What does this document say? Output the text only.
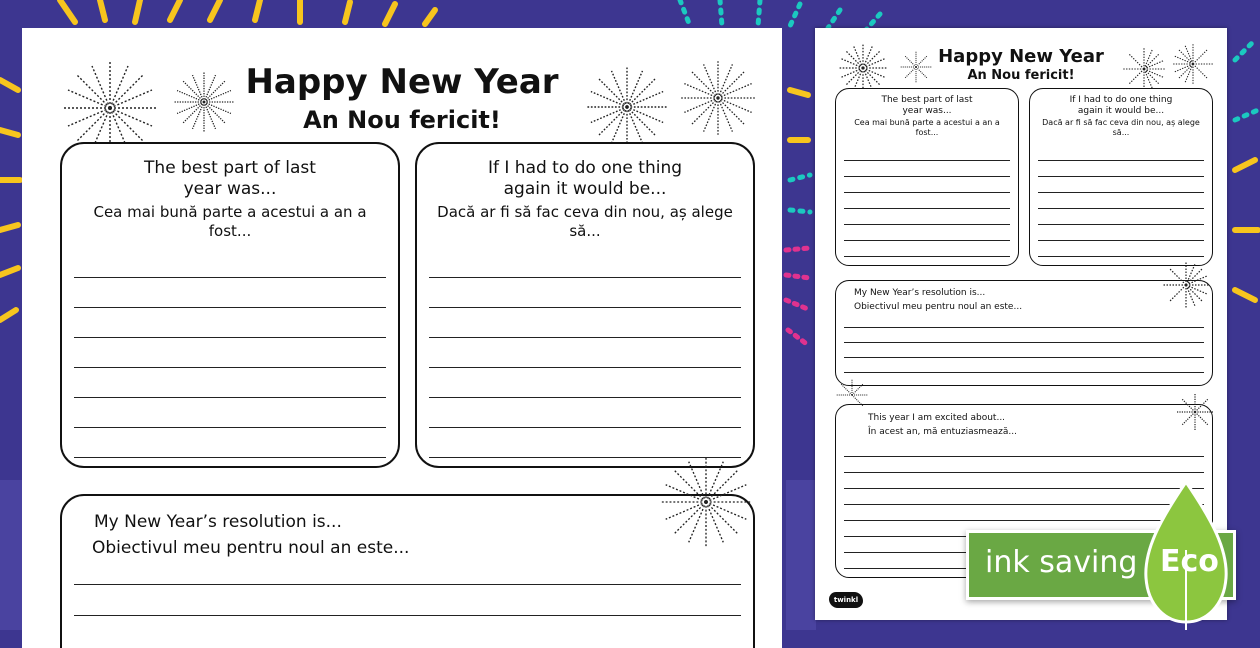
Happy New Year
An Nou fericit!
The best part of last
year was...
Cea mai bună parte a acestui a an a
fost...
If I had to do one thing
again it would be...
Dacă ar fi să fac ceva din nou, aș alege
să...
My New Year’s resolution is...
Obiectivul meu pentru noul an este...
Happy New Year
An Nou fericit!
The best part of last
year was...
Cea mai bună parte a acestui a an a
fost...
If I had to do one thing
again it would be...
Dacă ar fi să fac ceva din nou, aș alege
să...
My New Year’s resolution is...
Obiectivul meu pentru noul an este...
This year I am excited about...
În acest an, mă entuziasmează...
twinkl
ink saving Eco
